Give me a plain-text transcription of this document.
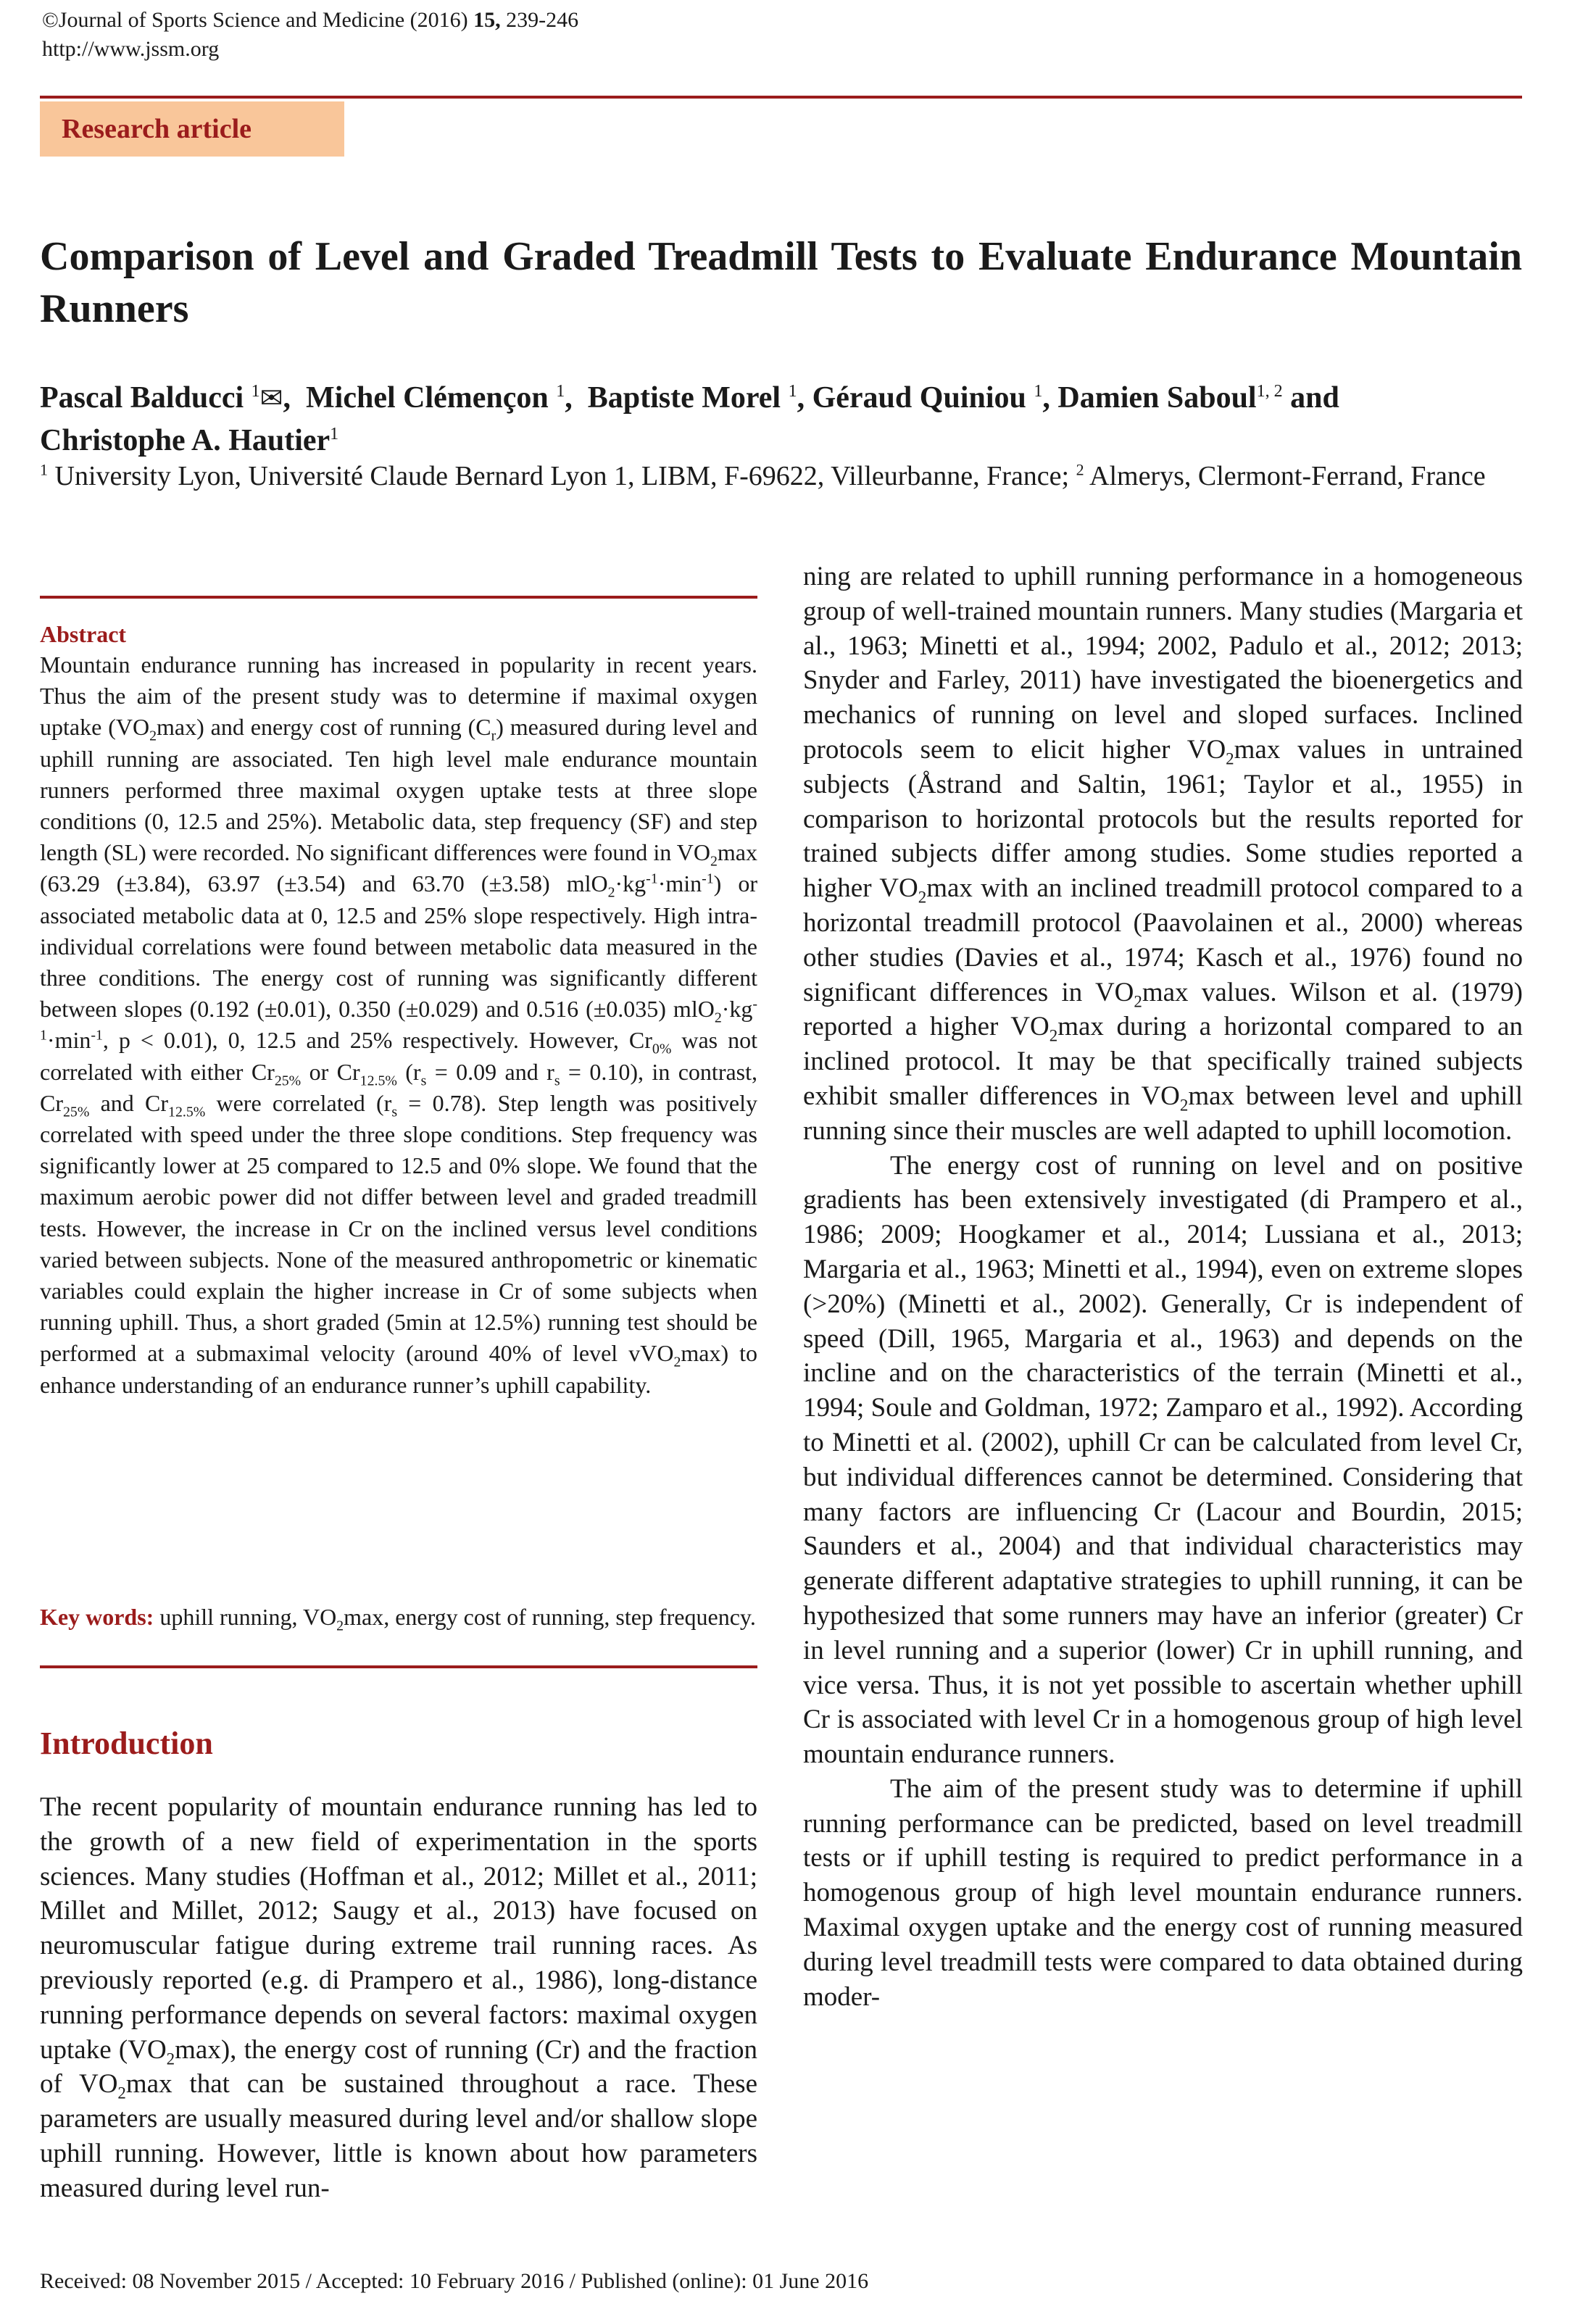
©Journal of Sports Science and Medicine (2016) 15, 239-246
http://www.jssm.org
Research article
Comparison of Level and Graded Treadmill Tests to Evaluate Endurance Mountain Runners
Pascal Balducci $^1$✉,  Michel Clémençon $^1$,  Baptiste Morel $^1$, Géraud Quiniou $^1$, Damien Saboul$^{1, 2}$ and
Christophe A. Hautier$^1$
$^1$ University Lyon, Université Claude Bernard Lyon 1, LIBM, F-69622, Villeurbanne, France; $^2$ Almerys, Clermont-Ferrand, France
Abstract
Mountain endurance running has increased in popularity in recent years. Thus the aim of the present study was to determine if maximal oxygen uptake $(VO_2\max)$ and energy cost of running $(C_r)$ measured during level and uphill running are associated. Ten high level male endurance mountain runners performed three maximal oxygen uptake tests at three slope conditions (0, 12.5 and 25%). Metabolic data, step frequency (SF) and step length (SL) were recorded. No significant differences were found in $VO_2\max$ (63.29 (±3.84), 63.97 (±3.54) and 63.70 (±3.58) $mlO_2\cdot kg^{-1}\cdot\min^{-1}$) or associated metabolic data at 0, 12.5 and 25% slope respectively. High intra-individual correlations were found between metabolic data measured in the three conditions. The energy cost of running was significantly different between slopes (0.192 (±0.01), 0.350 (±0.029) and 0.516 (±0.035) $mlO_2\cdot kg^{-1}\cdot\min^{-1}$, p < 0.01), 0, 12.5 and 25% respectively. However, $Cr_{0\%}$ was not correlated with either $Cr_{25\%}$ or $Cr_{12.5\%}$ ($r_s = 0.09$ and $r_s = 0.10$), in contrast, $Cr_{25\%}$ and $Cr_{12.5\%}$ were correlated $(r_s = 0.78)$. Step length was positively correlated with speed under the three slope conditions. Step frequency was significantly lower at 25 compared to 12.5 and 0% slope. We found that the maximum aerobic power did not differ between level and graded treadmill tests. However, the increase in Cr on the inclined versus level conditions varied between subjects. None of the measured anthropometric or kinematic variables could explain the higher increase in Cr of some subjects when running uphill. Thus, a short graded (5min at 12.5%) running test should be performed at a submaximal velocity (around 40% of level vVO$_2$max) to enhance understanding of an endurance runner’s uphill capability.
Key words: uphill running, $VO_2\max$, energy cost of running, step frequency.
Introduction
The recent popularity of mountain endurance running has led to the growth of a new field of experimentation in the sports sciences. Many studies (Hoffman et al., 2012; Millet et al., 2011; Millet and Millet, 2012; Saugy et al., 2013) have focused on neuromuscular fatigue during extreme trail running races. As previously reported (e.g. di Prampero et al., 1986), long-distance running performance depends on several factors: maximal oxygen uptake $(VO_2\max)$, the energy cost of running (Cr) and the fraction of $VO_2\max$ that can be sustained throughout a race. These parameters are usually measured during level and/or shallow slope uphill running. However, little is known about how parameters measured during level run-

ning are related to uphill running performance in a homogeneous group of well-trained mountain runners. Many studies (Margaria et al., 1963; Minetti et al., 1994; 2002, Padulo et al., 2012; 2013; Snyder and Farley, 2011) have investigated the bioenergetics and mechanics of running on level and sloped surfaces. Inclined protocols seem to elicit higher $VO_2\max$ values in untrained subjects (Åstrand and Saltin, 1961; Taylor et al., 1955) in comparison to horizontal protocols but the results reported for trained subjects differ among studies. Some studies reported a higher $VO_2\max$ with an inclined treadmill protocol compared to a horizontal treadmill protocol (Paavolainen et al., 2000) whereas other studies (Davies et al., 1974; Kasch et al., 1976) found no significant differences in $VO_2\max$ values. Wilson et al. (1979) reported a higher $VO_2\max$ during a horizontal compared to an inclined protocol. It may be that specifically trained subjects exhibit smaller differences in $VO_2\max$ between level and uphill running since their muscles are well adapted to uphill locomotion.

The energy cost of running on level and on positive gradients has been extensively investigated (di Prampero et al., 1986; 2009; Hoogkamer et al., 2014; Lussiana et al., 2013; Margaria et al., 1963; Minetti et al., 1994), even on extreme slopes (>20%) (Minetti et al., 2002). Generally, Cr is independent of speed (Dill, 1965, Margaria et al., 1963) and depends on the incline and on the characteristics of the terrain (Minetti et al., 1994; Soule and Goldman, 1972; Zamparo et al., 1992). According to Minetti et al. (2002), uphill Cr can be calculated from level Cr, but individual differences cannot be determined. Considering that many factors are influencing Cr (Lacour and Bourdin, 2015; Saunders et al., 2004) and that individual characteristics may generate different adaptative strategies to uphill running, it can be hypothesized that some runners may have an inferior (greater) Cr in level running and a superior (lower) Cr in uphill running, and vice versa. Thus, it is not yet possible to ascertain whether uphill Cr is associated with level Cr in a homogenous group of high level mountain endurance runners.

The aim of the present study was to determine if uphill running performance can be predicted, based on level treadmill tests or if uphill testing is required to predict performance in a homogenous group of high level mountain endurance runners. Maximal oxygen uptake and the energy cost of running measured during level treadmill tests were compared to data obtained during moder-

Received: 08 November 2015 / Accepted: 10 February 2016 / Published (online): 01 June 2016
